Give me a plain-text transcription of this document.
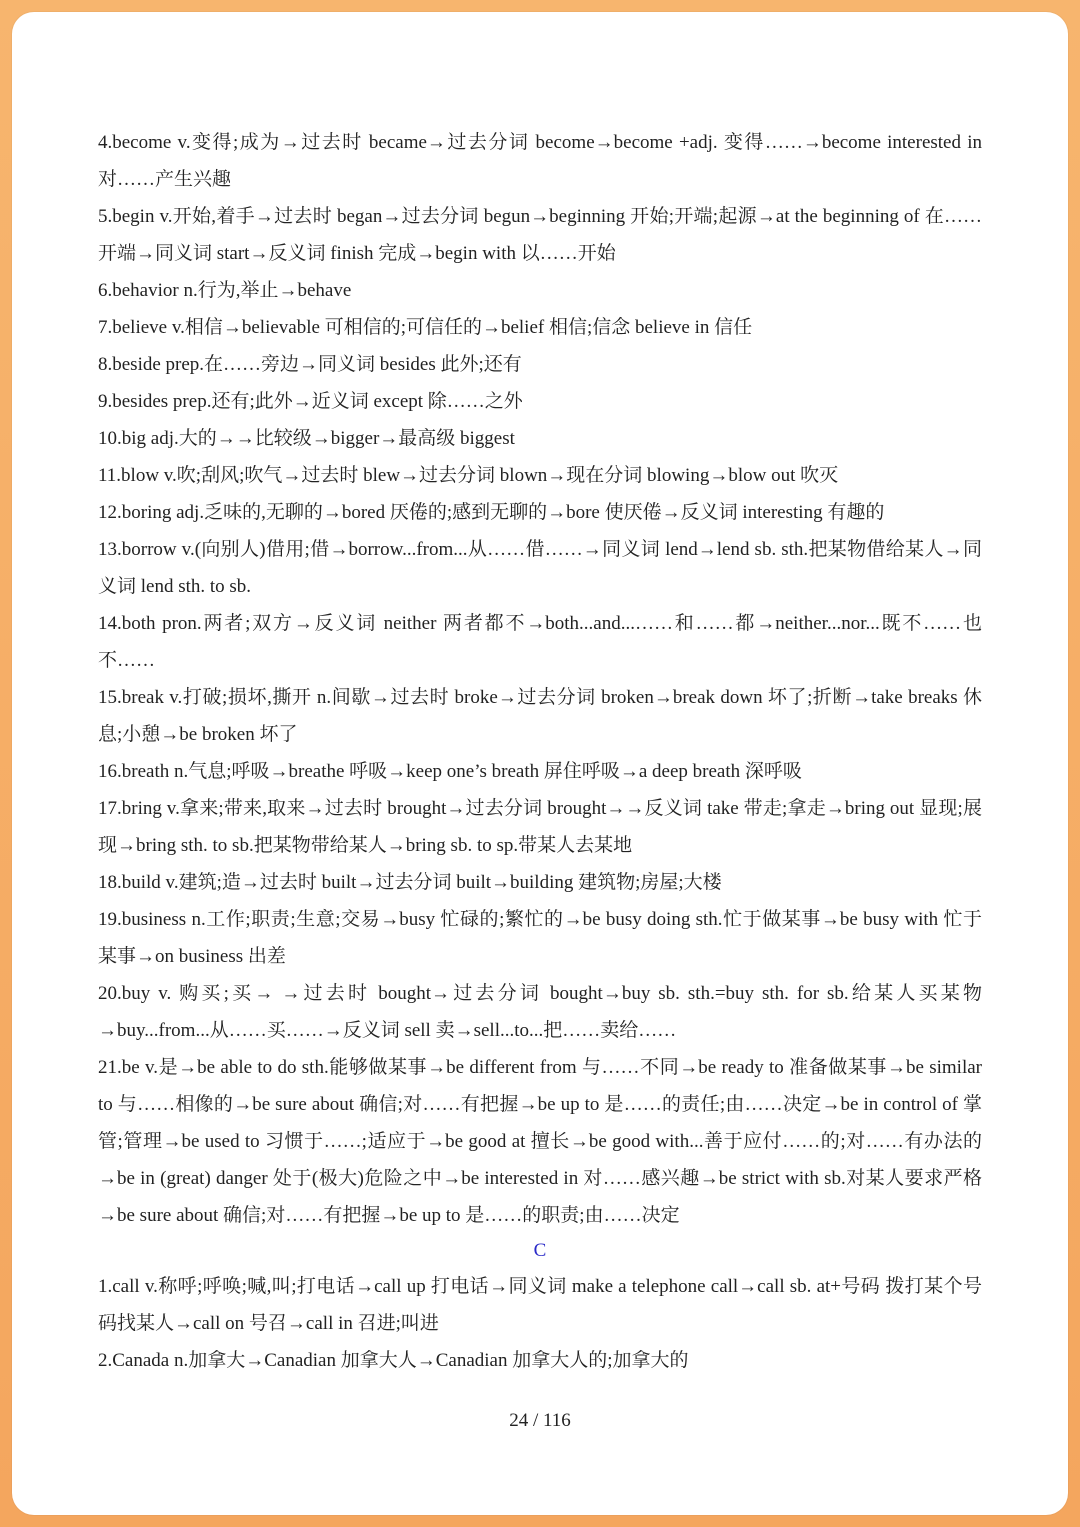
4.become v.变得;成为→过去时 became→过去分词 become→become +adj. 变得……→become interested in 对……产生兴趣
5.begin v.开始,着手→过去时 began→过去分词 begun→beginning 开始;开端;起源→at the beginning of 在……开端→同义词 start→反义词 finish 完成→begin with 以……开始
6.behavior n.行为,举止→behave
7.believe v.相信→believable 可相信的;可信任的→belief 相信;信念 believe in 信任
8.beside prep.在……旁边→同义词 besides 此外;还有
9.besides prep.还有;此外→近义词 except 除……之外
10.big adj.大的→→比较级→bigger→最高级 biggest
11.blow v.吹;刮风;吹气→过去时 blew→过去分词 blown→现在分词 blowing→blow out 吹灭
12.boring adj.乏味的,无聊的→bored 厌倦的;感到无聊的→bore 使厌倦→反义词 interesting 有趣的
13.borrow v.(向别人)借用;借→borrow...from...从……借……→同义词 lend→lend sb. sth.把某物借给某人→同义词 lend sth. to sb.
14.both pron.两者;双方→反义词 neither 两者都不→both...and...……和……都→neither...nor...既不……也不……
15.break v.打破;损坏,撕开 n.间歇→过去时 broke→过去分词 broken→break down 坏了;折断→take breaks 休息;小憩→be broken 坏了
16.breath n.气息;呼吸→breathe 呼吸→keep one’s breath 屏住呼吸→a deep breath 深呼吸
17.bring v.拿来;带来,取来→过去时 brought→过去分词 brought→→反义词 take 带走;拿走→bring out 显现;展现→bring sth. to sb.把某物带给某人→bring sb. to sp.带某人去某地
18.build v.建筑;造→过去时 built→过去分词 built→building 建筑物;房屋;大楼
19.business n.工作;职责;生意;交易→busy 忙碌的;繁忙的→be busy doing sth.忙于做某事→be busy with 忙于某事→on business 出差
20.buy v. 购买;买→ →过去时 bought→过去分词 bought→buy sb. sth.=buy sth. for sb.给某人买某物→buy...from...从……买……→反义词 sell 卖→sell...to...把……卖给……
21.be v.是→be able to do sth.能够做某事→be different from 与……不同→be ready to 准备做某事→be similar to 与……相像的→be sure about 确信;对……有把握→be up to 是……的责任;由……决定→be in control of 掌管;管理→be used to 习惯于……;适应于→be good at 擅长→be good with...善于应付……的;对……有办法的→be in (great) danger 处于(极大)危险之中→be interested in 对……感兴趣→be strict with sb.对某人要求严格→be sure about 确信;对……有把握→be up to 是……的职责;由……决定
C
1.call v.称呼;呼唤;喊,叫;打电话→call up 打电话→同义词 make a telephone call→call sb. at+号码 拨打某个号码找某人→call on 号召→call in 召进;叫进
2.Canada n.加拿大→Canadian 加拿大人→Canadian 加拿大人的;加拿大的
24 / 116
